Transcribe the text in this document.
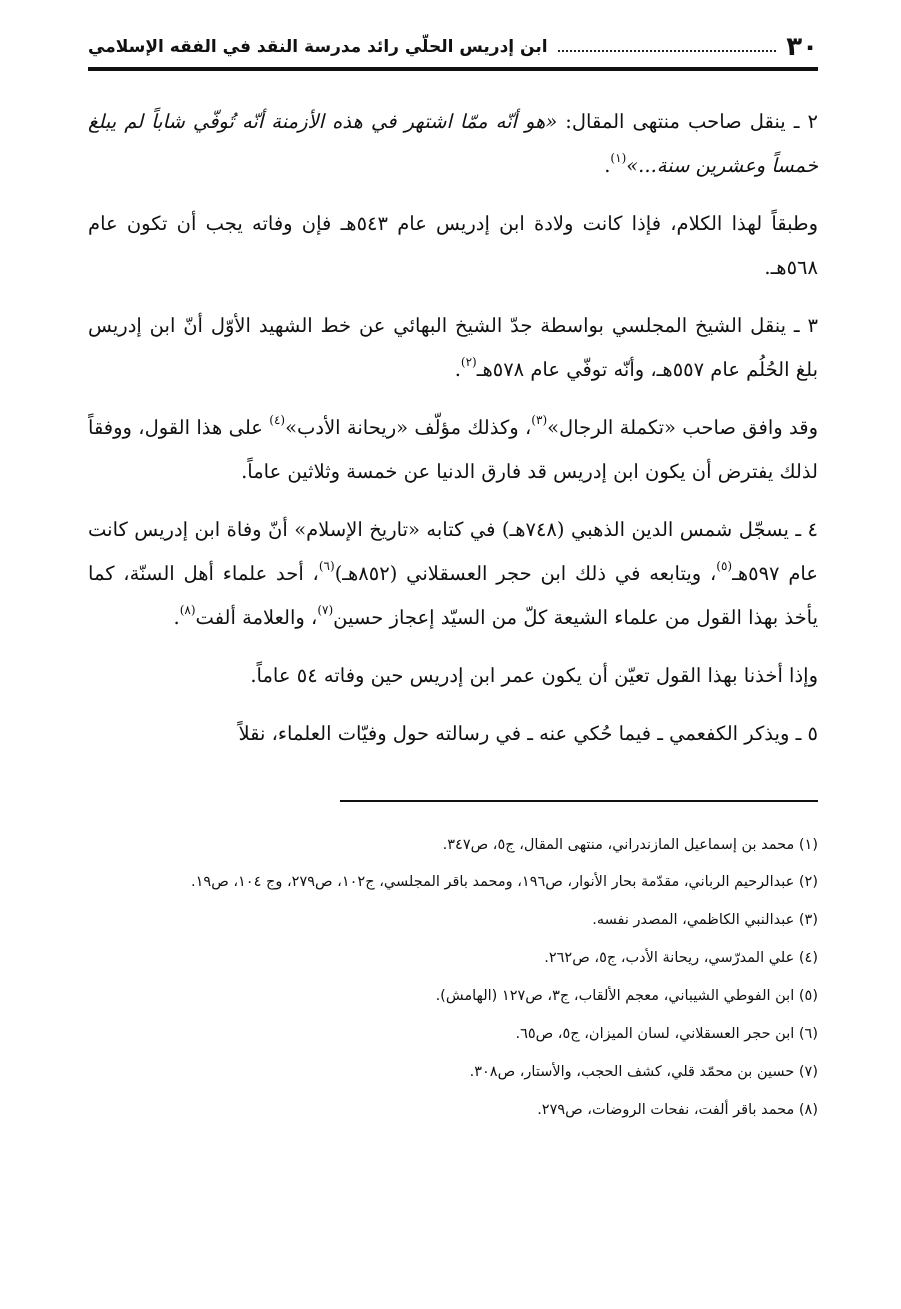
٣٠
ابن إدريس الحلّي رائد مدرسة النقد في الفقه الإسلامي

٢ ـ ينقل صاحب منتهى المقال: «هو أنّه ممّا اشتهر في هذه الأزمنة أنّه تُوفّي شاباً لم يبلغ خمساً وعشرين سنة...»$^{(١)}$.

وطبقاً لهذا الكلام، فإذا كانت ولادة ابن إدريس عام ٥٤٣هـ فإن وفاته يجب أن تكون عام ٥٦٨هـ.

٣ ـ ينقل الشيخ المجلسي بواسطة جدّ الشيخ البهائي عن خط الشهيد الأوّل أنّ ابن إدريس بلغ الحُلُم عام ٥٥٧هـ، وأنّه توفّي عام ٥٧٨هـ$^{(٢)}$.

وقد وافق صاحب «تكملة الرجال»$^{(٣)}$، وكذلك مؤلّف «ريحانة الأدب»$^{(٤)}$ على هذا القول، ووفقاً لذلك يفترض أن يكون ابن إدريس قد فارق الدنيا عن خمسة وثلاثين عاماً.

٤ ـ يسجّل شمس الدين الذهبي (٧٤٨هـ) في كتابه «تاريخ الإسلام» أنّ وفاة ابن إدريس كانت عام ٥٩٧هـ$^{(٥)}$، ويتابعه في ذلك ابن حجر العسقلاني (٨٥٢هـ)$^{(٦)}$، أحد علماء أهل السنّة، كما يأخذ بهذا القول من علماء الشيعة كلّ من السيّد إعجاز حسين$^{(٧)}$، والعلامة ألفت$^{(٨)}$.

وإذا أخذنا بهذا القول تعيّن أن يكون عمر ابن إدريس حين وفاته ٥٤ عاماً.

٥ ـ ويذكر الكفعمي ـ فيما حُكي عنه ـ في رسالته حول وفيّات العلماء، نقلاً

(١) محمد بن إسماعيل المازندراني، منتهى المقال، ج٥، ص٣٤٧.

(٢) عبدالرحيم الرباني، مقدّمة بحار الأنوار، ص١٩٦، ومحمد باقر المجلسي، ج١٠٢، ص٢٧٩، وج ١٠٤، ص١٩.

(٣) عبدالنبي الكاظمي، المصدر نفسه.

(٤) علي المدرّسي، ريحانة الأدب، ج٥، ص٢٦٢.

(٥) ابن الفوطي الشيباني، معجم الألقاب، ج٣، ص١٢٧ (الهامش).

(٦) ابن حجر العسقلاني، لسان الميزان، ج٥، ص٦٥.

(٧) حسين بن محمّد قلي، كشف الحجب، والأستار، ص٣٠٨.

(٨) محمد باقر ألفت، نفحات الروضات، ص٢٧٩.
